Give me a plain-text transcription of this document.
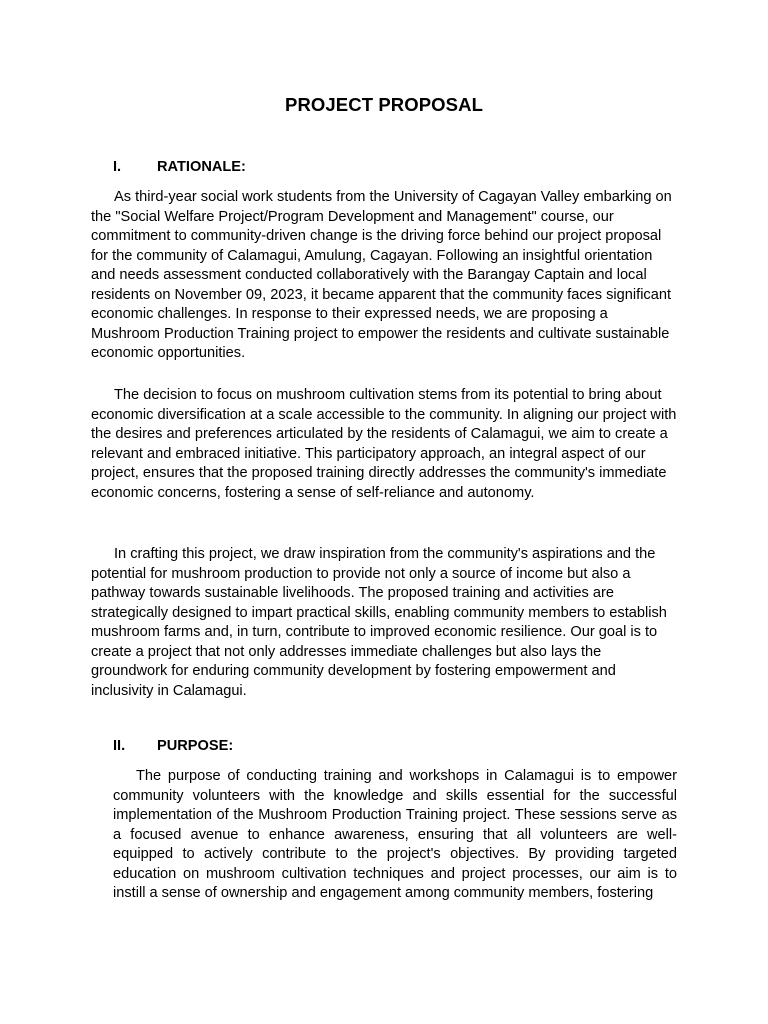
PROJECT PROPOSAL
I. RATIONALE:

As third-year social work students from the University of Cagayan Valley embarking on the "Social Welfare Project/Program Development and Management" course, our commitment to community-driven change is the driving force behind our project proposal for the community of Calamagui, Amulung, Cagayan. Following an insightful orientation and needs assessment conducted collaboratively with the Barangay Captain and local residents on November 09, 2023, it became apparent that the community faces significant economic challenges. In response to their expressed needs, we are proposing a Mushroom Production Training project to empower the residents and cultivate sustainable economic opportunities.

The decision to focus on mushroom cultivation stems from its potential to bring about economic diversification at a scale accessible to the community. In aligning our project with the desires and preferences articulated by the residents of Calamagui, we aim to create a relevant and embraced initiative. This participatory approach, an integral aspect of our project, ensures that the proposed training directly addresses the community's immediate economic concerns, fostering a sense of self-reliance and autonomy.

In crafting this project, we draw inspiration from the community's aspirations and the potential for mushroom production to provide not only a source of income but also a pathway towards sustainable livelihoods. The proposed training and activities are strategically designed to impart practical skills, enabling community members to establish mushroom farms and, in turn, contribute to improved economic resilience. Our goal is to create a project that not only addresses immediate challenges but also lays the groundwork for enduring community development by fostering empowerment and inclusivity in Calamagui.

II. PURPOSE:

The purpose of conducting training and workshops in Calamagui is to empower community volunteers with the knowledge and skills essential for the successful implementation of the Mushroom Production Training project. These sessions serve as a focused avenue to enhance awareness, ensuring that all volunteers are well-equipped to actively contribute to the project's objectives. By providing targeted education on mushroom cultivation techniques and project processes, our aim is to instill a sense of ownership and engagement among community members, fostering
